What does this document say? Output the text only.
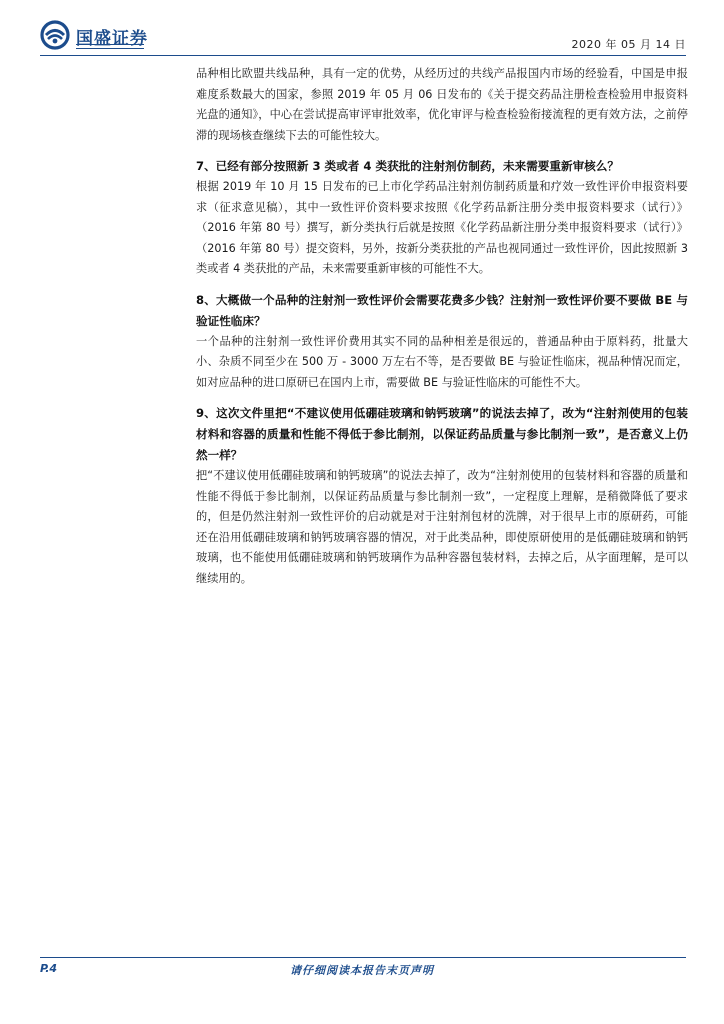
国盛证券	2020 年 05 月 14 日

品种相比欧盟共线品种，具有一定的优势，从经历过的共线产品报国内市场的经验看，中国是申报难度系数最大的国家，参照 2019 年 05 月 06 日发布的《关于提交药品注册检查检验用申报资料光盘的通知》，中心在尝试提高审评审批效率，优化审评与检查检验衔接流程的更有效方法，之前停滞的现场核查继续下去的可能性较大。

7、已经有部分按照新 3 类或者 4 类获批的注射剂仿制药，未来需要重新审核么？

根据 2019 年 10 月 15 日发布的已上市化学药品注射剂仿制药质量和疗效一致性评价申报资料要求（征求意见稿），其中一致性评价资料要求按照《化学药品新注册分类申报资料要求（试行）》（2016 年第 80 号）撰写，新分类执行后就是按照《化学药品新注册分类申报资料要求（试行）》（2016 年第 80 号）提交资料，另外，按新分类获批的产品也视同通过一致性评价，因此按照新 3 类或者 4 类获批的产品，未来需要重新审核的可能性不大。

8、大概做一个品种的注射剂一致性评价会需要花费多少钱？注射剂一致性评价要不要做 BE 与验证性临床？

一个品种的注射剂一致性评价费用其实不同的品种相差是很远的，普通品种由于原料药，批量大小、杂质不同至少在 500 万 - 3000 万左右不等，是否要做 BE 与验证性临床，视品种情况而定，如对应品种的进口原研已在国内上市，需要做 BE 与验证性临床的可能性不大。

9、这次文件里把“不建议使用低硼硅玻璃和钠钙玻璃”的说法去掉了，改为“注射剂使用的包装材料和容器的质量和性能不得低于参比制剂，以保证药品质量与参比制剂一致”，是否意义上仍然一样？

把“不建议使用低硼硅玻璃和钠钙玻璃”的说法去掉了，改为“注射剂使用的包装材料和容器的质量和性能不得低于参比制剂，以保证药品质量与参比制剂一致”，一定程度上理解，是稍微降低了要求的，但是仍然注射剂一致性评价的启动就是对于注射剂包材的洗牌，对于很早上市的原研药，可能还在沿用低硼硅玻璃和钠钙玻璃容器的情况，对于此类品种，即使原研使用的是低硼硅玻璃和钠钙玻璃，也不能使用低硼硅玻璃和钠钙玻璃作为品种容器包装材料，去掉之后，从字面理解，是可以继续用的。

P.4	请仔细阅读本报告末页声明
